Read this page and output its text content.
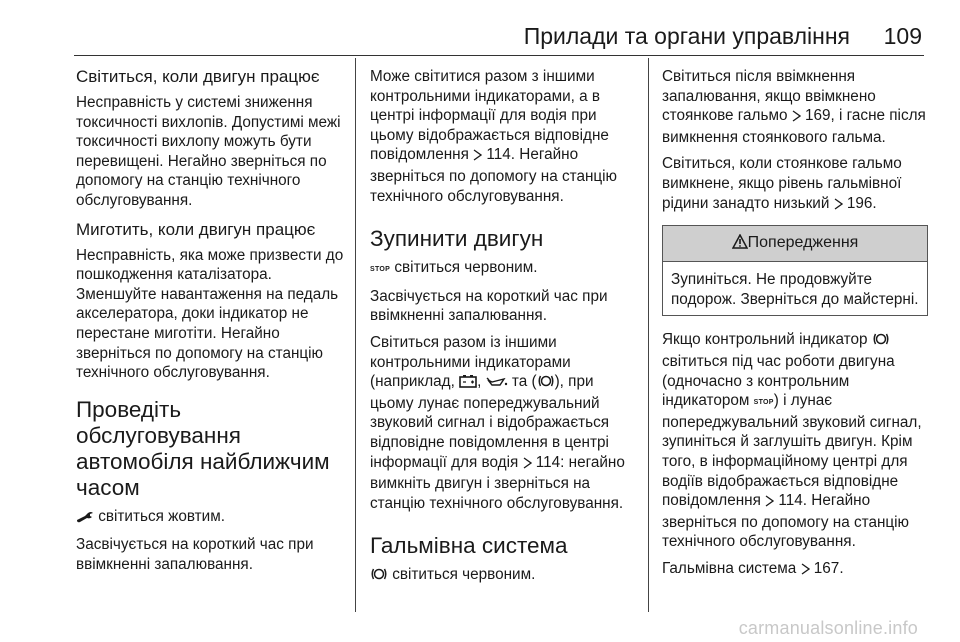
Прилади та органи управління 109
Світиться, коли двигун працює

Несправність у системі зниження токсичності вихлопів. Допустимі межі токсичності вихлопу можуть бути перевищені. Негайно зверніться по допомогу на станцію технічного обслуговування.

Миготить, коли двигун працює

Несправність, яка може призвести до пошкодження каталізатора. Зменшуйте навантаження на педаль акселератора, доки індикатор не перестане миготіти. Негайно зверніться по допомогу на станцію технічного обслуговування.

Проведіть обслуговування автомобіля найближчим часом

світиться жовтим.

Засвічується на короткий час при ввімкненні запалювання.

Може світитися разом з іншими контрольними індикаторами, а в центрі інформації для водія при цьому відображається відповідне повідомлення 114. Негайно зверніться по допомогу на станцію технічного обслуговування.

Зупинити двигун

STOP світиться червоним.

Засвічується на короткий час при ввімкненні запалювання.

Світиться разом із іншими контрольними індикаторами (наприклад, ,  та ( ), при цьому лунає попереджувальний звуковий сигнал і відображається відповідне повідомлення в центрі інформації для водія 114: негайно вимкніть двигун і зверніться на станцію технічного обслуговування.

Гальмівна система

світиться червоним.

Світиться після ввімкнення запалювання, якщо ввімкнено стоянкове гальмо 169, і гасне після вимкнення стоянкового гальма.

Світиться, коли стоянкове гальмо вимкнене, якщо рівень гальмівної рідини занадто низький 196.

Попередження
Зупиніться. Не продовжуйте подорож. Зверніться до майстерні.

Якщо контрольний індикатор  світиться під час роботи двигуна (одночасно з контрольним індикатором STOP) і лунає попереджувальний звуковий сигнал, зупиніться й заглушіть двигун. Крім того, в інформаційному центрі для водіїв відображається відповідне повідомлення 114. Негайно зверніться по допомогу на станцію технічного обслуговування.

Гальмівна система 167.

carmanualsonline.info
